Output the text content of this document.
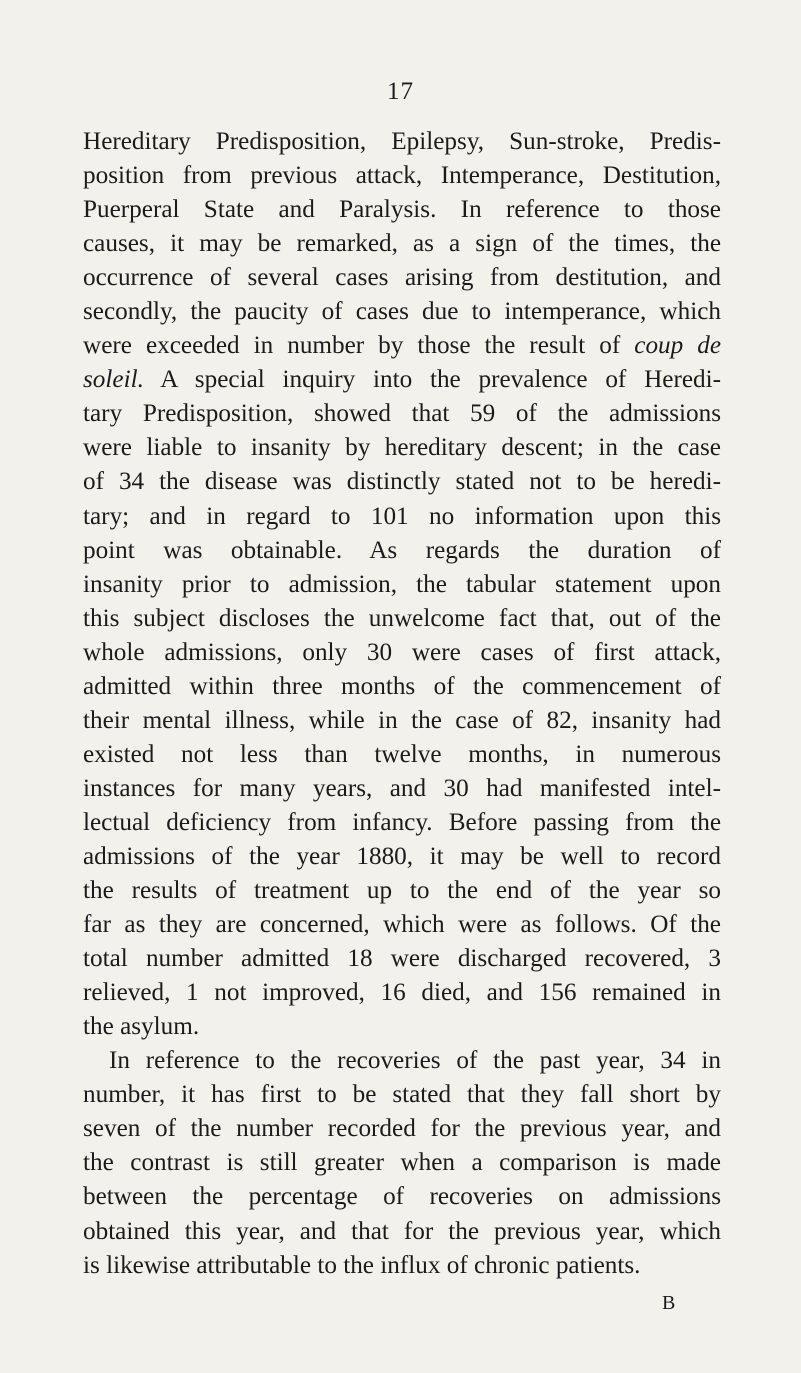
17
Hereditary Predisposition, Epilepsy, Sun-stroke, Predis-
position from previous attack, Intemperance, Destitution,
Puerperal State and Paralysis. In reference to those
causes, it may be remarked, as a sign of the times, the
occurrence of several cases arising from destitution, and
secondly, the paucity of cases due to intemperance, which
were exceeded in number by those the result of coup de
soleil. A special inquiry into the prevalence of Heredi-
tary Predisposition, showed that 59 of the admissions
were liable to insanity by hereditary descent; in the case
of 34 the disease was distinctly stated not to be heredi-
tary; and in regard to 101 no information upon this
point was obtainable. As regards the duration of
insanity prior to admission, the tabular statement upon
this subject discloses the unwelcome fact that, out of the
whole admissions, only 30 were cases of first attack,
admitted within three months of the commencement of
their mental illness, while in the case of 82, insanity had
existed not less than twelve months, in numerous
instances for many years, and 30 had manifested intel-
lectual deficiency from infancy. Before passing from the
admissions of the year 1880, it may be well to record
the results of treatment up to the end of the year so
far as they are concerned, which were as follows. Of the
total number admitted 18 were discharged recovered, 3
relieved, 1 not improved, 16 died, and 156 remained in
the asylum.
In reference to the recoveries of the past year, 34 in
number, it has first to be stated that they fall short by
seven of the number recorded for the previous year, and
the contrast is still greater when a comparison is made
between the percentage of recoveries on admissions
obtained this year, and that for the previous year, which
is likewise attributable to the influx of chronic patients.
B
